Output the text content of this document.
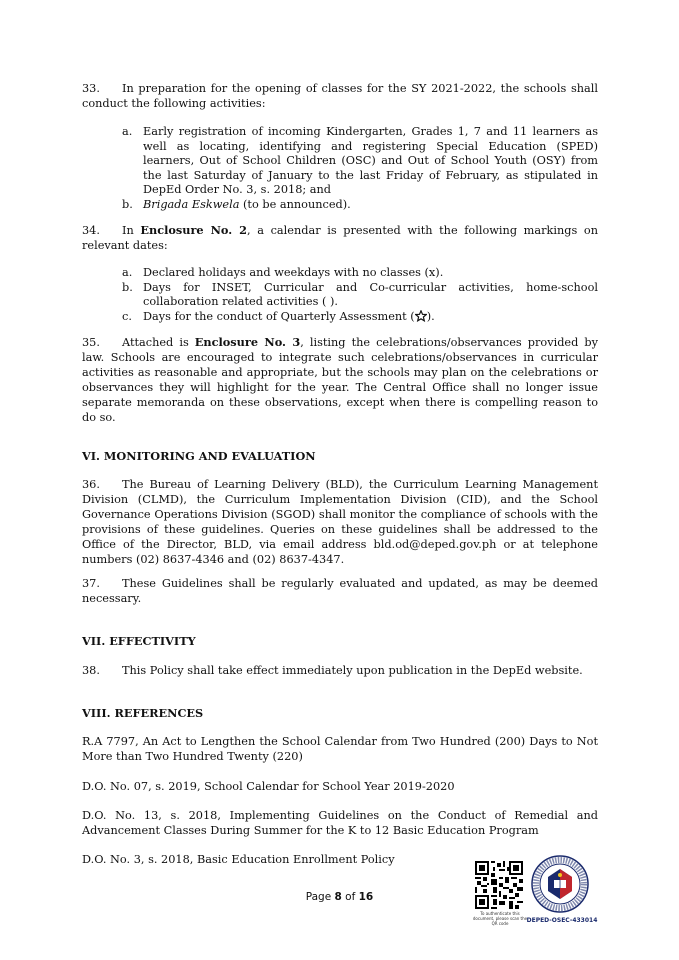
33. In preparation for the opening of classes for the SY 2021-2022, the schools shall conduct the following activities:
a. Early registration of incoming Kindergarten, Grades 1, 7 and 11 learners as well as locating, identifying and registering Special Education (SPED) learners, Out of School Children (OSC) and Out of School Youth (OSY) from the last Saturday of January to the last Friday of February, as stipulated in DepEd Order No. 3, s. 2018; and
b. Brigada Eskwela (to be announced).
34. In Enclosure No. 2, a calendar is presented with the following markings on relevant dates:
a. Declared holidays and weekdays with no classes (x).
b. Days for INSET, Curricular and Co-curricular activities, home-school collaboration related activities ( ).
c. Days for the conduct of Quarterly Assessment ( ).
35. Attached is Enclosure No. 3, listing the celebrations/observances provided by law. Schools are encouraged to integrate such celebrations/observances in curricular activities as reasonable and appropriate, but the schools may plan on the celebrations or observances they will highlight for the year. The Central Office shall no longer issue separate memoranda on these observations, except when there is compelling reason to do so.
VI. MONITORING AND EVALUATION
36. The Bureau of Learning Delivery (BLD), the Curriculum Learning Management Division (CLMD), the Curriculum Implementation Division (CID), and the School Governance Operations Division (SGOD) shall monitor the compliance of schools with the provisions of these guidelines. Queries on these guidelines shall be addressed to the Office of the Director, BLD, via email address bld.od@deped.gov.ph or at telephone numbers (02) 8637-4346 and (02) 8637-4347.
37. These Guidelines shall be regularly evaluated and updated, as may be deemed necessary.
VII. EFFECTIVITY
38. This Policy shall take effect immediately upon publication in the DepEd website.
VIII. REFERENCES
R.A 7797, An Act to Lengthen the School Calendar from Two Hundred (200) Days to Not More than Two Hundred Twenty (220)
D.O. No. 07, s. 2019, School Calendar for School Year 2019-2020
D.O. No. 13, s. 2018, Implementing Guidelines on the Conduct of Remedial and Advancement Classes During Summer for the K to 12 Basic Education Program
D.O. No. 3, s. 2018, Basic Education Enrollment Policy
Page 8 of 16
To authenticate this document, please scan the QR code	DEPED-OSEC-433014
